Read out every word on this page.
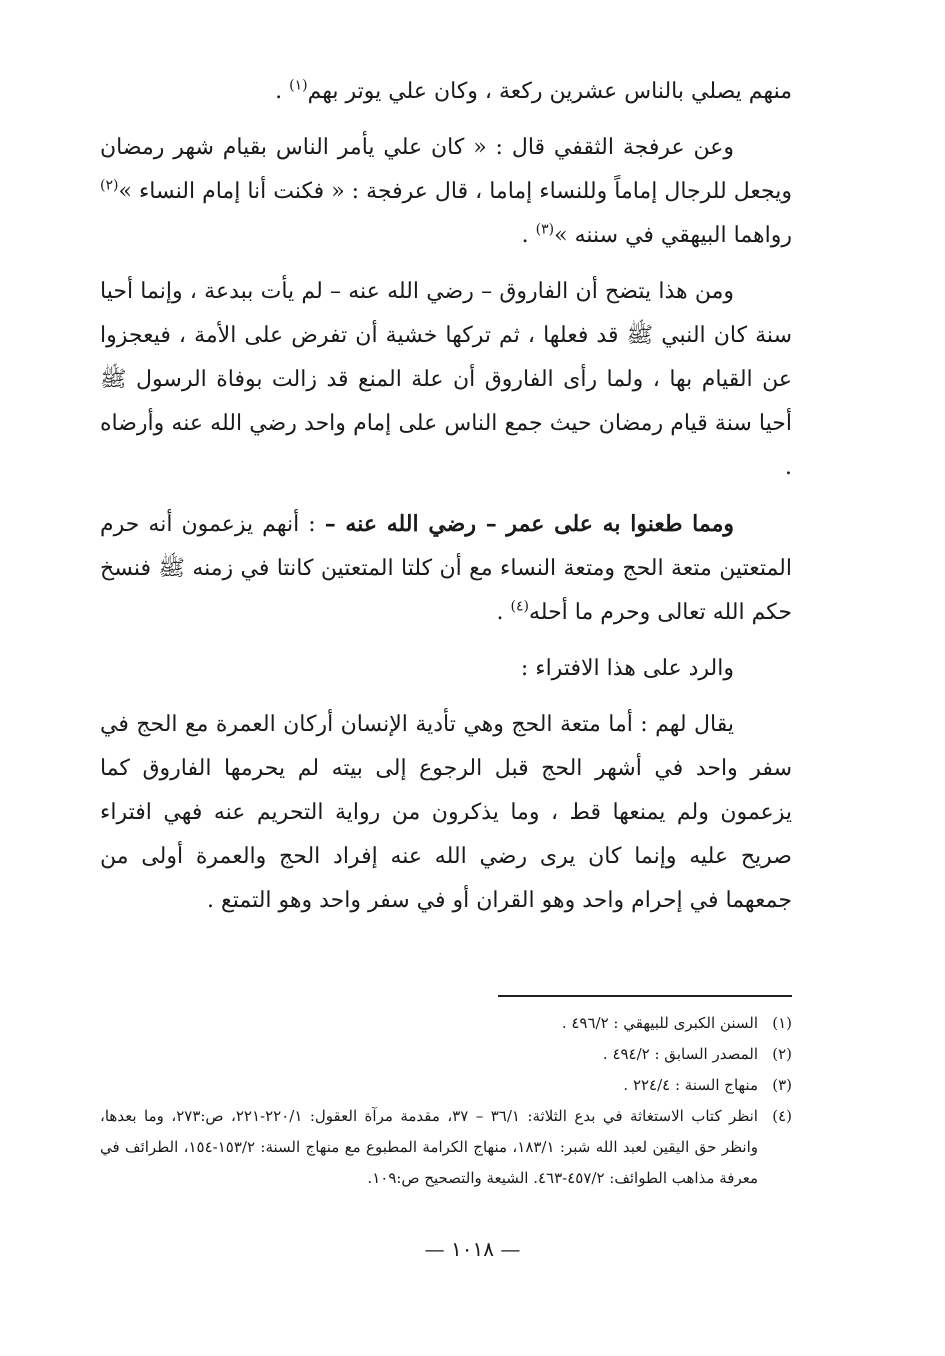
منهم يصلي بالناس عشرين ركعة ، وكان علي يوتر بهم$^{(١)}$ .

وعن عرفجة الثقفي قال : « كان علي يأمر الناس بقيام شهر رمضان ويجعل للرجال إماماً وللنساء إماما ، قال عرفجة : « فكنت أنا إمام النساء »$^{(٢)}$ رواهما البيهقي في سننه »$^{(٣)}$ .

ومن هذا يتضح أن الفاروق – رضي الله عنه – لم يأت ببدعة ، وإنما أحيا سنة كان النبي ﷺ قد فعلها ، ثم تركها خشية أن تفرض على الأمة ، فيعجزوا عن القيام بها ، ولما رأى الفاروق أن علة المنع قد زالت بوفاة الرسول ﷺ أحيا سنة قيام رمضان حيث جمع الناس على إمام واحد رضي الله عنه وأرضاه .

ومما طعنوا به على عمر – رضي الله عنه – : أنهم يزعمون أنه حرم المتعتين متعة الحج ومتعة النساء مع أن كلتا المتعتين كانتا في زمنه ﷺ فنسخ حكم الله تعالى وحرم ما أحله$^{(٤)}$ .

والرد على هذا الافتراء :

يقال لهم : أما متعة الحج وهي تأدية الإنسان أركان العمرة مع الحج في سفر واحد في أشهر الحج قبل الرجوع إلى بيته لم يحرمها الفاروق كما يزعمون ولم يمنعها قط ، وما يذكرون من رواية التحريم عنه فهي افتراء صريح عليه وإنما كان يرى رضي الله عنه إفراد الحج والعمرة أولى من جمعهما في إحرام واحد وهو القران أو في سفر واحد وهو التمتع .

(١)
السنن الكبرى للبيهقي : ٤٩٦/٢ .
(٢)
المصدر السابق : ٤٩٤/٢ .
(٣)
منهاج السنة : ٢٢٤/٤ .
(٤)
انظر كتاب الاستغاثة في بدع الثلاثة: ٣٦/١ – ٣٧، مقدمة مرآة العقول: ٢٢٠/١-٢٢١، ص:٢٧٣، وما بعدها، وانظر حق اليقين لعبد الله شبر: ١٨٣/١، منهاج الكرامة المطبوع مع منهاج السنة: ١٥٣/٢-١٥٤، الطرائف في معرفة مذاهب الطوائف: ٤٥٧/٢-٤٦٣. الشيعة والتصحيح ص:١٠٩.
— ١٠١٨ —
